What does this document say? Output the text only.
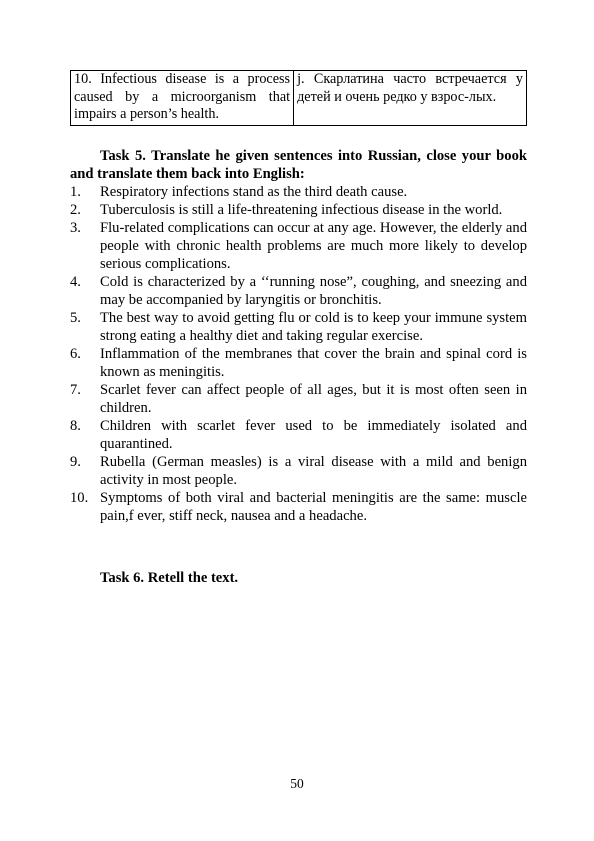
10. Infectious disease is a process caused by a microorganism that impairs a person’s health.	j. Скарлатина часто встречается у детей и очень редко у взрос-лых.
Task 5. Translate he given sentences into Russian, close your book and translate them back into English:
1.	Respiratory infections stand as the third death cause.
2.	Tuberculosis is still a life-threatening infectious disease in the world.
3.	Flu-related complications can occur at any age. However, the elderly and people with chronic health problems are much more likely to develop serious complications.
4.	Cold is characterized by a ‘‘running nose”, coughing, and sneezing and may be accompanied by laryngitis or bronchitis.
5.	The best way to avoid getting flu or cold is to keep your immune system strong eating a healthy diet and taking regular exercise.
6.	Inflammation of the membranes that cover the brain and spinal cord is known as meningitis.
7.	Scarlet fever can affect people of all ages, but it is most often seen in children.
8.	Children with scarlet fever used to be immediately isolated and quarantined.
9.	Rubella (German measles) is a viral disease with a mild and benign activity in most people.
10. Symptoms of both viral and bacterial meningitis are the same: muscle pain,f ever, stiff neck, nausea and a headache.
Task 6. Retell the text.
50
